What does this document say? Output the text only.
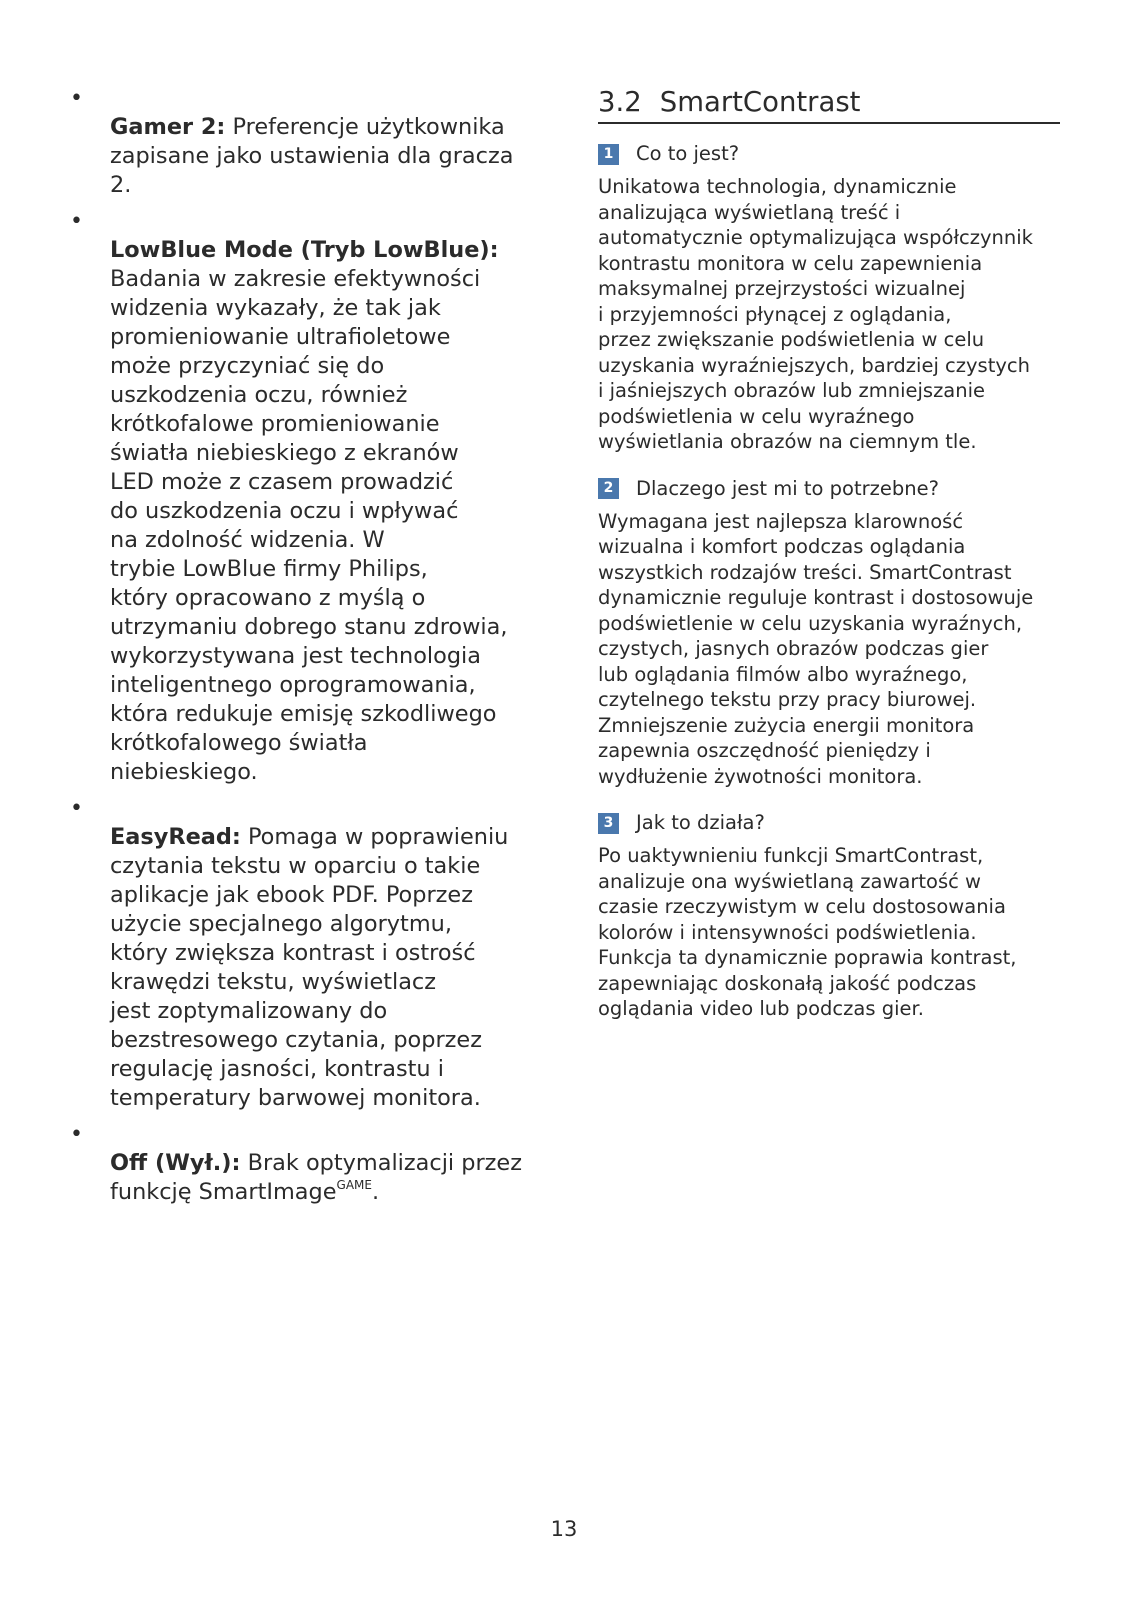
•
Gamer 2: Preferencje użytkownika
zapisane jako ustawienia dla gracza
2.

•
LowBlue Mode (Tryb LowBlue):
Badania w zakresie efektywności
widzenia wykazały, że tak jak
promieniowanie ultrafioletowe
może przyczyniać się do
uszkodzenia oczu, również
krótkofalowe promieniowanie
światła niebieskiego z ekranów
LED może z czasem prowadzić
do uszkodzenia oczu i wpływać
na zdolność widzenia. W
trybie LowBlue firmy Philips,
który opracowano z myślą o
utrzymaniu dobrego stanu zdrowia,
wykorzystywana jest technologia
inteligentnego oprogramowania,
która redukuje emisję szkodliwego
krótkofalowego światła
niebieskiego.

•
EasyRead: Pomaga w poprawieniu
czytania tekstu w oparciu o takie
aplikacje jak ebook PDF. Poprzez
użycie specjalnego algorytmu,
który zwiększa kontrast i ostrość
krawędzi tekstu, wyświetlacz
jest zoptymalizowany do
bezstresowego czytania, poprzez
regulację jasności, kontrastu i
temperatury barwowej monitora.

•
Off (Wył.): Brak optymalizacji przez
funkcję SmartImage$^{GAME}$.

3.2 SmartContrast
1 Co to jest?

Unikatowa technologia, dynamicznie
analizująca wyświetlaną treść i
automatycznie optymalizująca współczynnik
kontrastu monitora w celu zapewnienia
maksymalnej przejrzystości wizualnej
i przyjemności płynącej z oglądania,
przez zwiększanie podświetlenia w celu
uzyskania wyraźniejszych, bardziej czystych
i jaśniejszych obrazów lub zmniejszanie
podświetlenia w celu wyraźnego
wyświetlania obrazów na ciemnym tle.

2 Dlaczego jest mi to potrzebne?

Wymagana jest najlepsza klarowność
wizualna i komfort podczas oglądania
wszystkich rodzajów treści. SmartContrast
dynamicznie reguluje kontrast i dostosowuje
podświetlenie w celu uzyskania wyraźnych,
czystych, jasnych obrazów podczas gier
lub oglądania filmów albo wyraźnego,
czytelnego tekstu przy pracy biurowej.
Zmniejszenie zużycia energii monitora
zapewnia oszczędność pieniędzy i
wydłużenie żywotności monitora.

3 Jak to działa?

Po uaktywnieniu funkcji SmartContrast,
analizuje ona wyświetlaną zawartość w
czasie rzeczywistym w celu dostosowania
kolorów i intensywności podświetlenia.
Funkcja ta dynamicznie poprawia kontrast,
zapewniając doskonałą jakość podczas
oglądania video lub podczas gier.

13
